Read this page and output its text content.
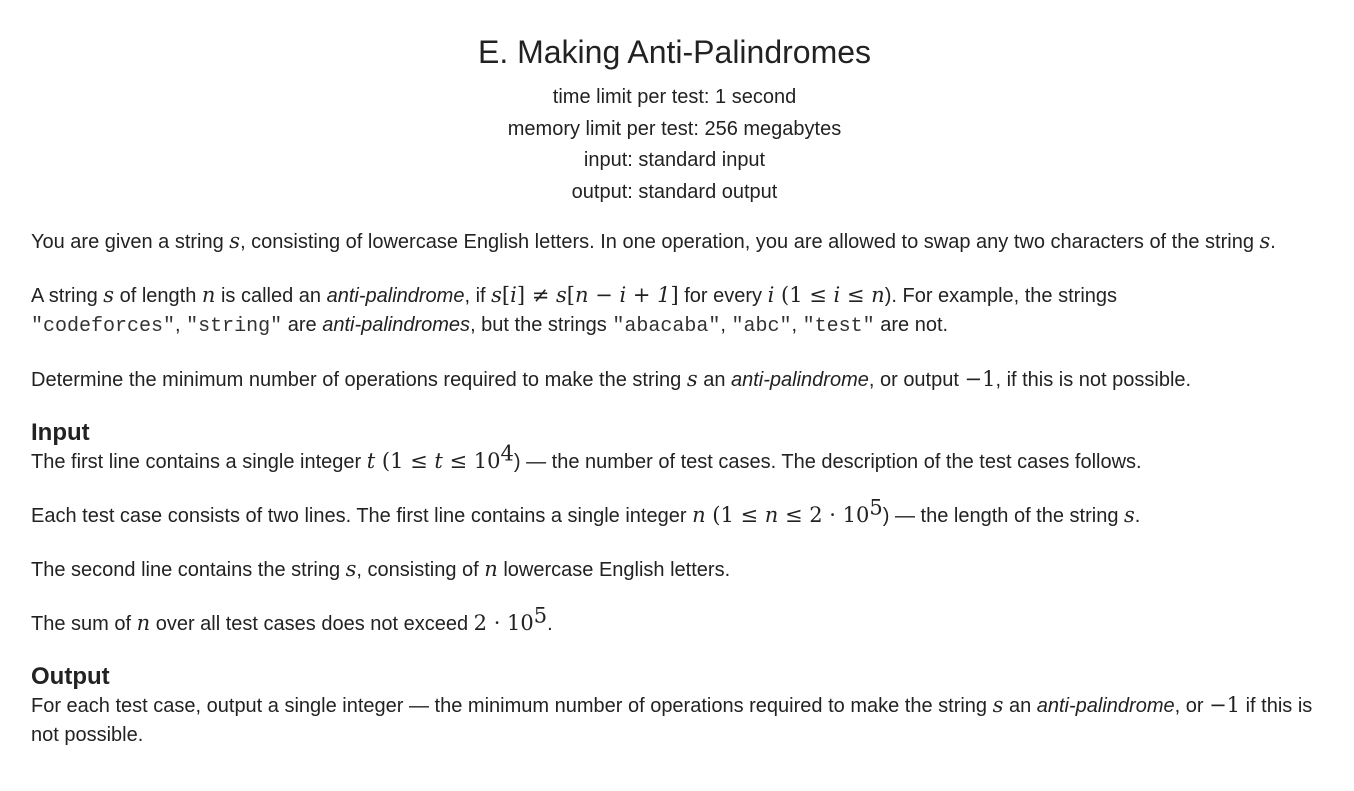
E. Making Anti-Palindromes
time limit per test: 1 second
memory limit per test: 256 megabytes
input: standard input
output: standard output

You are given a string s, consisting of lowercase English letters. In one operation, you are allowed to swap any two characters of the string s.

A string s of length n is called an anti-palindrome, if s[i] ≠ s[n − i + 1] for every i (1 ≤ i ≤ n). For example, the strings
"codeforces", "string" are anti-palindromes, but the strings "abacaba", "abc", "test" are not.

Determine the minimum number of operations required to make the string s an anti-palindrome, or output −1, if this is not possible.

Input

The first line contains a single integer t $(1 \le t \le 10^4)$ — the number of test cases. The description of the test cases follows.

Each test case consists of two lines. The first line contains a single integer n $(1 \le n \le 2 \cdot 10^5)$ — the length of the string s.

The second line contains the string s, consisting of n lowercase English letters.

The sum of n over all test cases does not exceed $2 \cdot 10^5$.

Output

For each test case, output a single integer — the minimum number of operations required to make the string s an anti-palindrome, or −1 if this is not possible.
